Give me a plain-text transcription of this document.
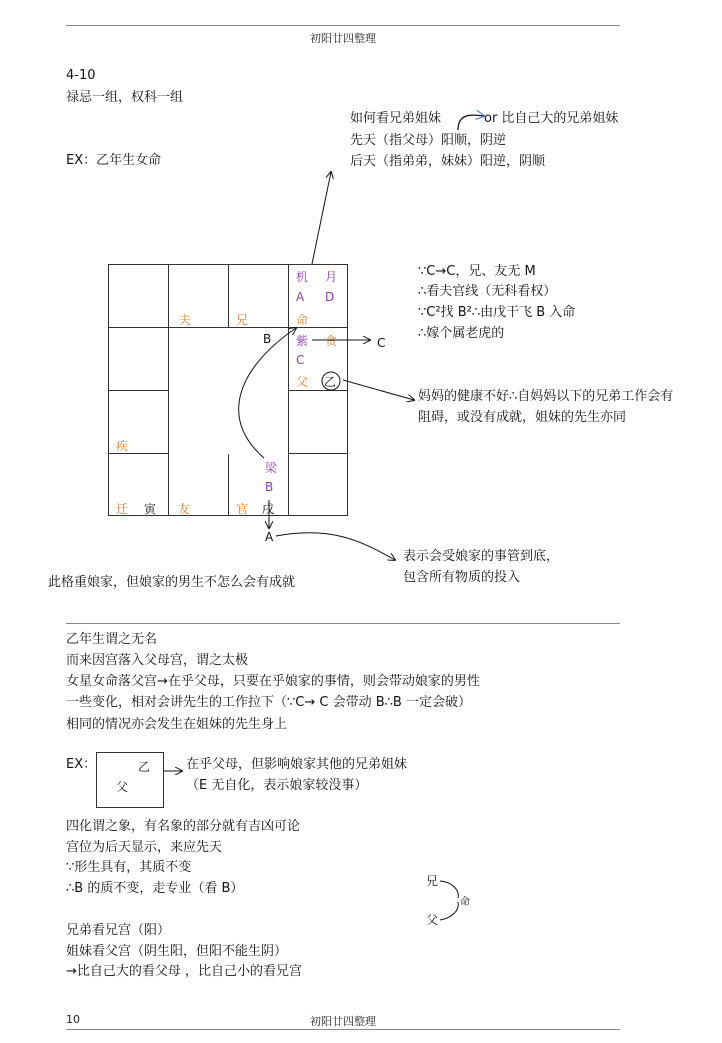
初阳廿四整理
4-10
禄忌一组，权科一组
EX：乙年生女命
如何看兄弟姐妹	or 比自己大的兄弟姐妹
先天（指父母）阳顺，阴逆
后天（指弟弟，妹妹）阳逆，阴顺
夫	兄
机 月
A D
命
B 紫 贪	C
C
父 乙
疾
梁
B
迁 寅 友	官 戌
A
∵C→C，兄、友无 M
∴看夫官线（无科看权）
∵C²找 B²∴由戊干飞 B 入命
∴嫁个属老虎的
妈妈的健康不好∴自妈妈以下的兄弟工作会有
阻碍，或没有成就，姐妹的先生亦同
表示会受娘家的事管到底，
包含所有物质的投入
此格重娘家，但娘家的男生不怎么会有成就
乙年生谓之无名
而来因宫落入父母宫，谓之太极
女星女命落父宫→在乎父母，只要在乎娘家的事情，则会带动娘家的男性
一些变化，相对会讲先生的工作拉下（∵C→ C 会带动 B∴B 一定会破）
相同的情况亦会发生在姐妹的先生身上
EX：	乙
父
在乎父母，但影响娘家其他的兄弟姐妹
（E 无自化，表示娘家较没事）
四化谓之象，有名象的部分就有吉凶可论
宫位为后天显示，来应先天
∵形生具有，其质不变
∴B 的质不变，走专业（看 B）	兄
命
父
兄弟看兄宫（阳）
姐妹看父宫（阴生阳，但阳不能生阴）
→比自己大的看父母 ，比自己小的看兄宫
10	初阳廿四整理
